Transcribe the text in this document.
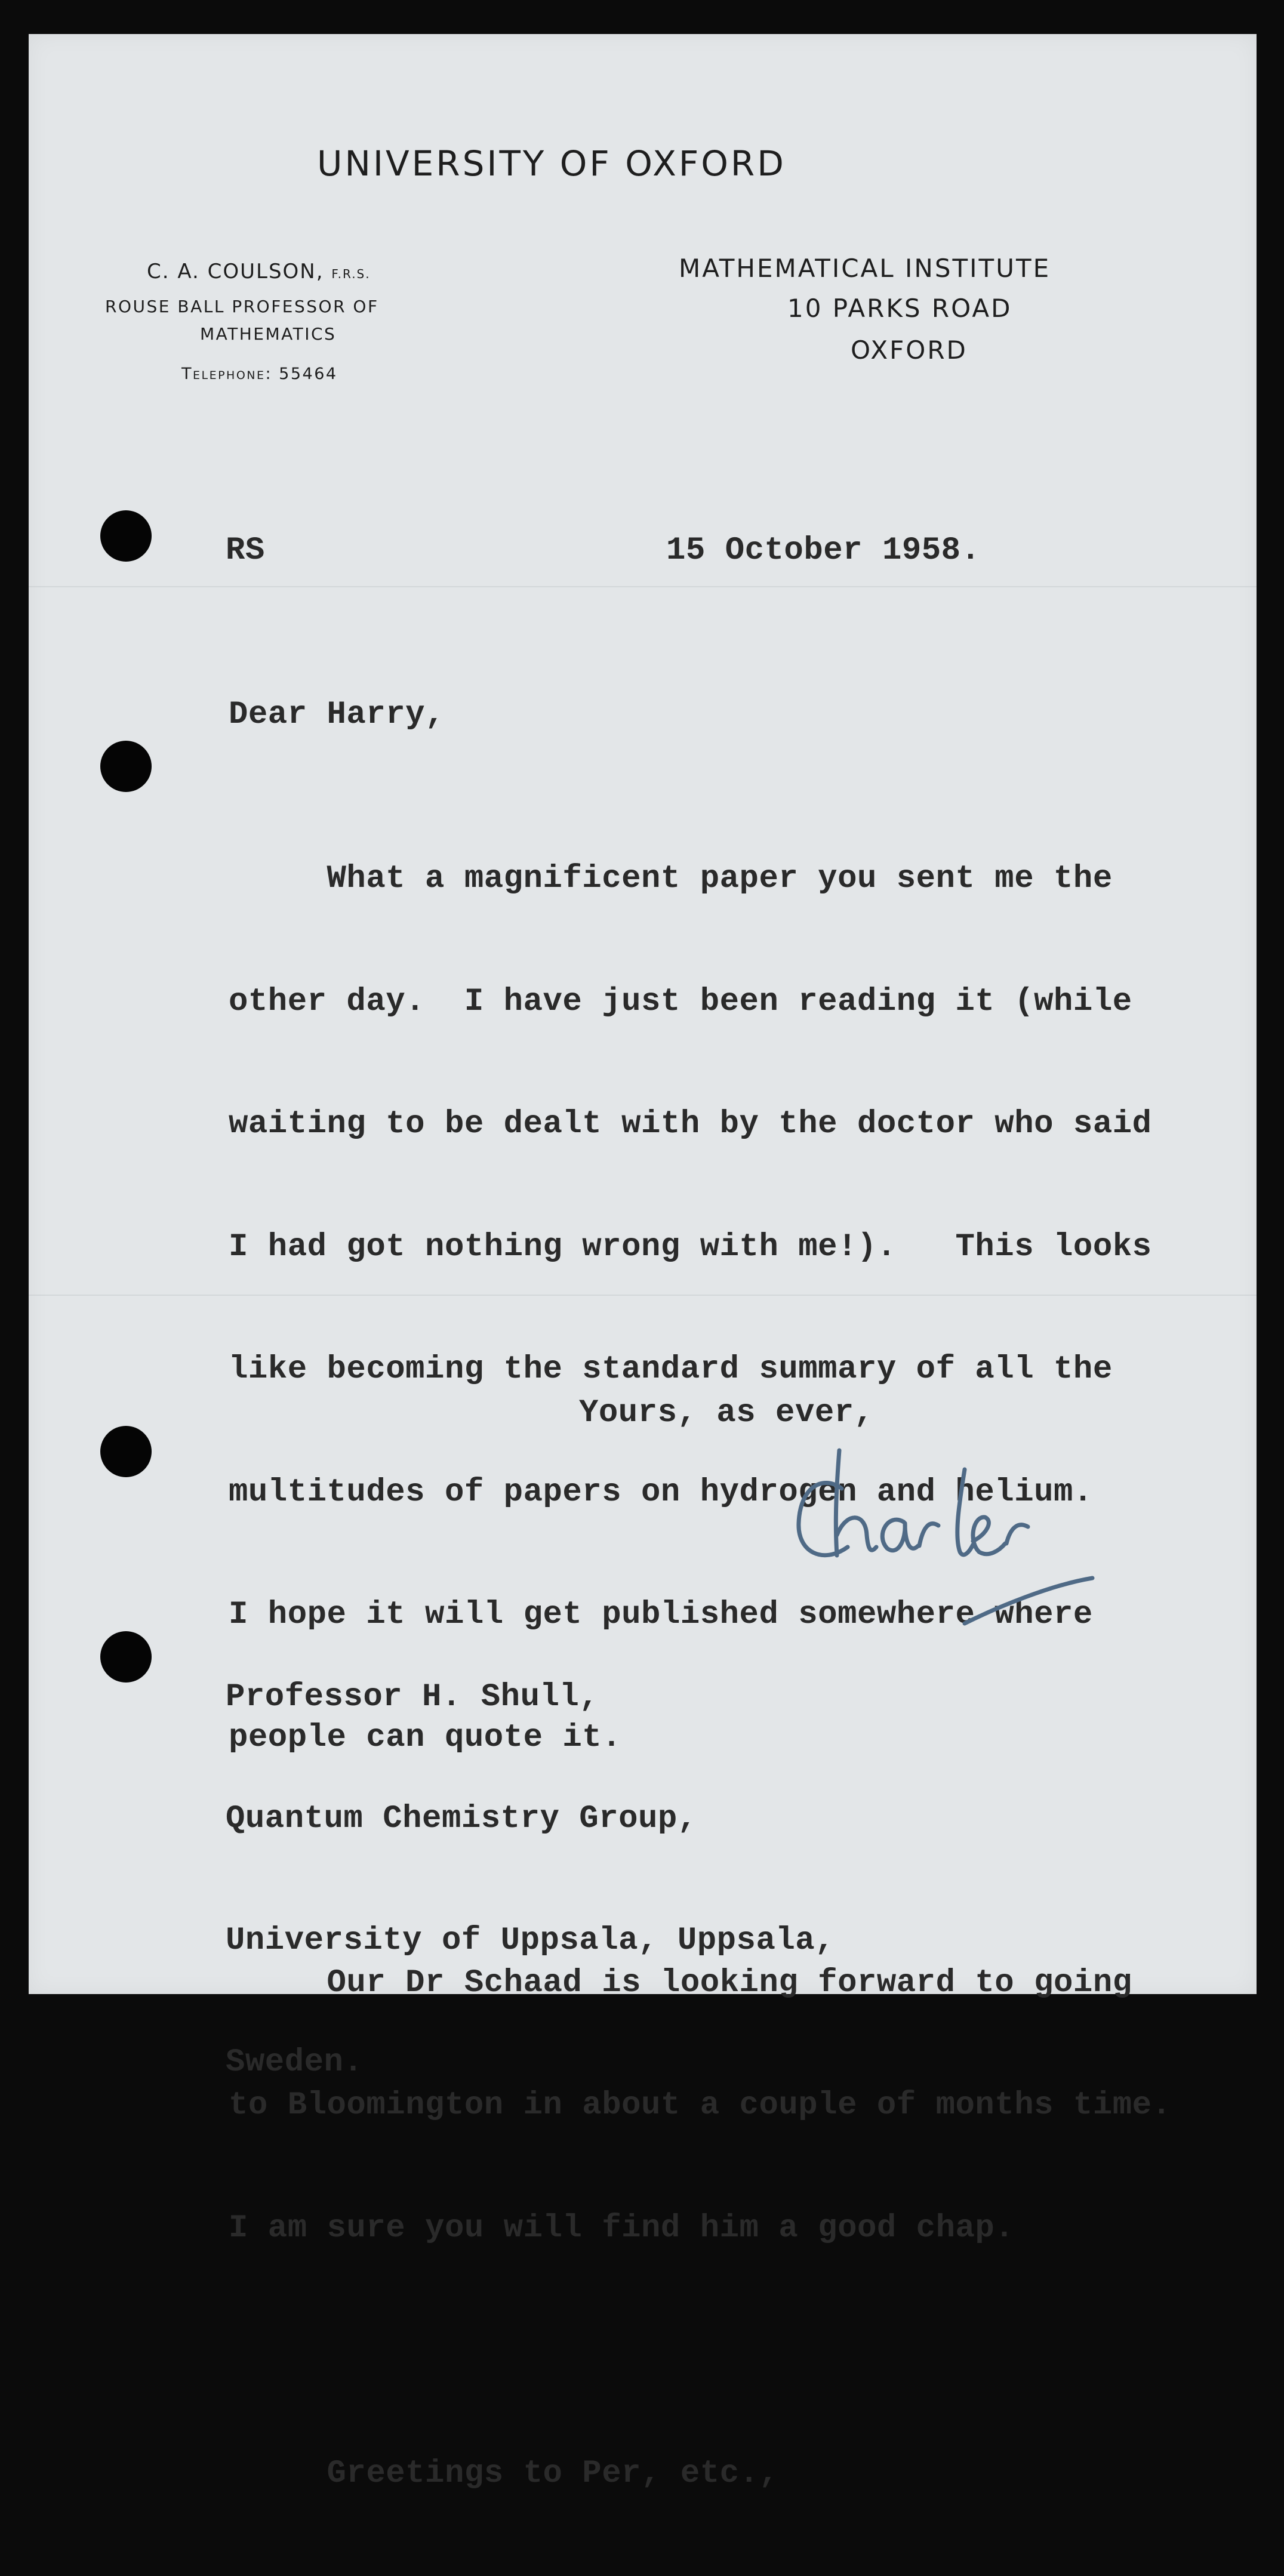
UNIVERSITY OF OXFORD
C. A. COULSON, F.R.S.
ROUSE BALL PROFESSOR OF
MATHEMATICS
Telephone: 55464
MATHEMATICAL INSTITUTE
10 PARKS ROAD
OXFORD
RS	15 October 1958.
Dear Harry,

What a magnificent paper you sent me the

other day.  I have just been reading it (while

waiting to be dealt with by the doctor who said

I had got nothing wrong with me!).   This looks

like becoming the standard summary of all the

multitudes of papers on hydrogen and helium.

I hope it will get published somewhere where

people can quote it.

Our Dr Schaad is looking forward to going

to Bloomington in about a couple of months time.

I am sure you will find him a good chap.

Greetings to Per, etc.,

Yours, as ever,

Professor H. Shull,

Quantum Chemistry Group,

University of Uppsala, Uppsala,

Sweden.
